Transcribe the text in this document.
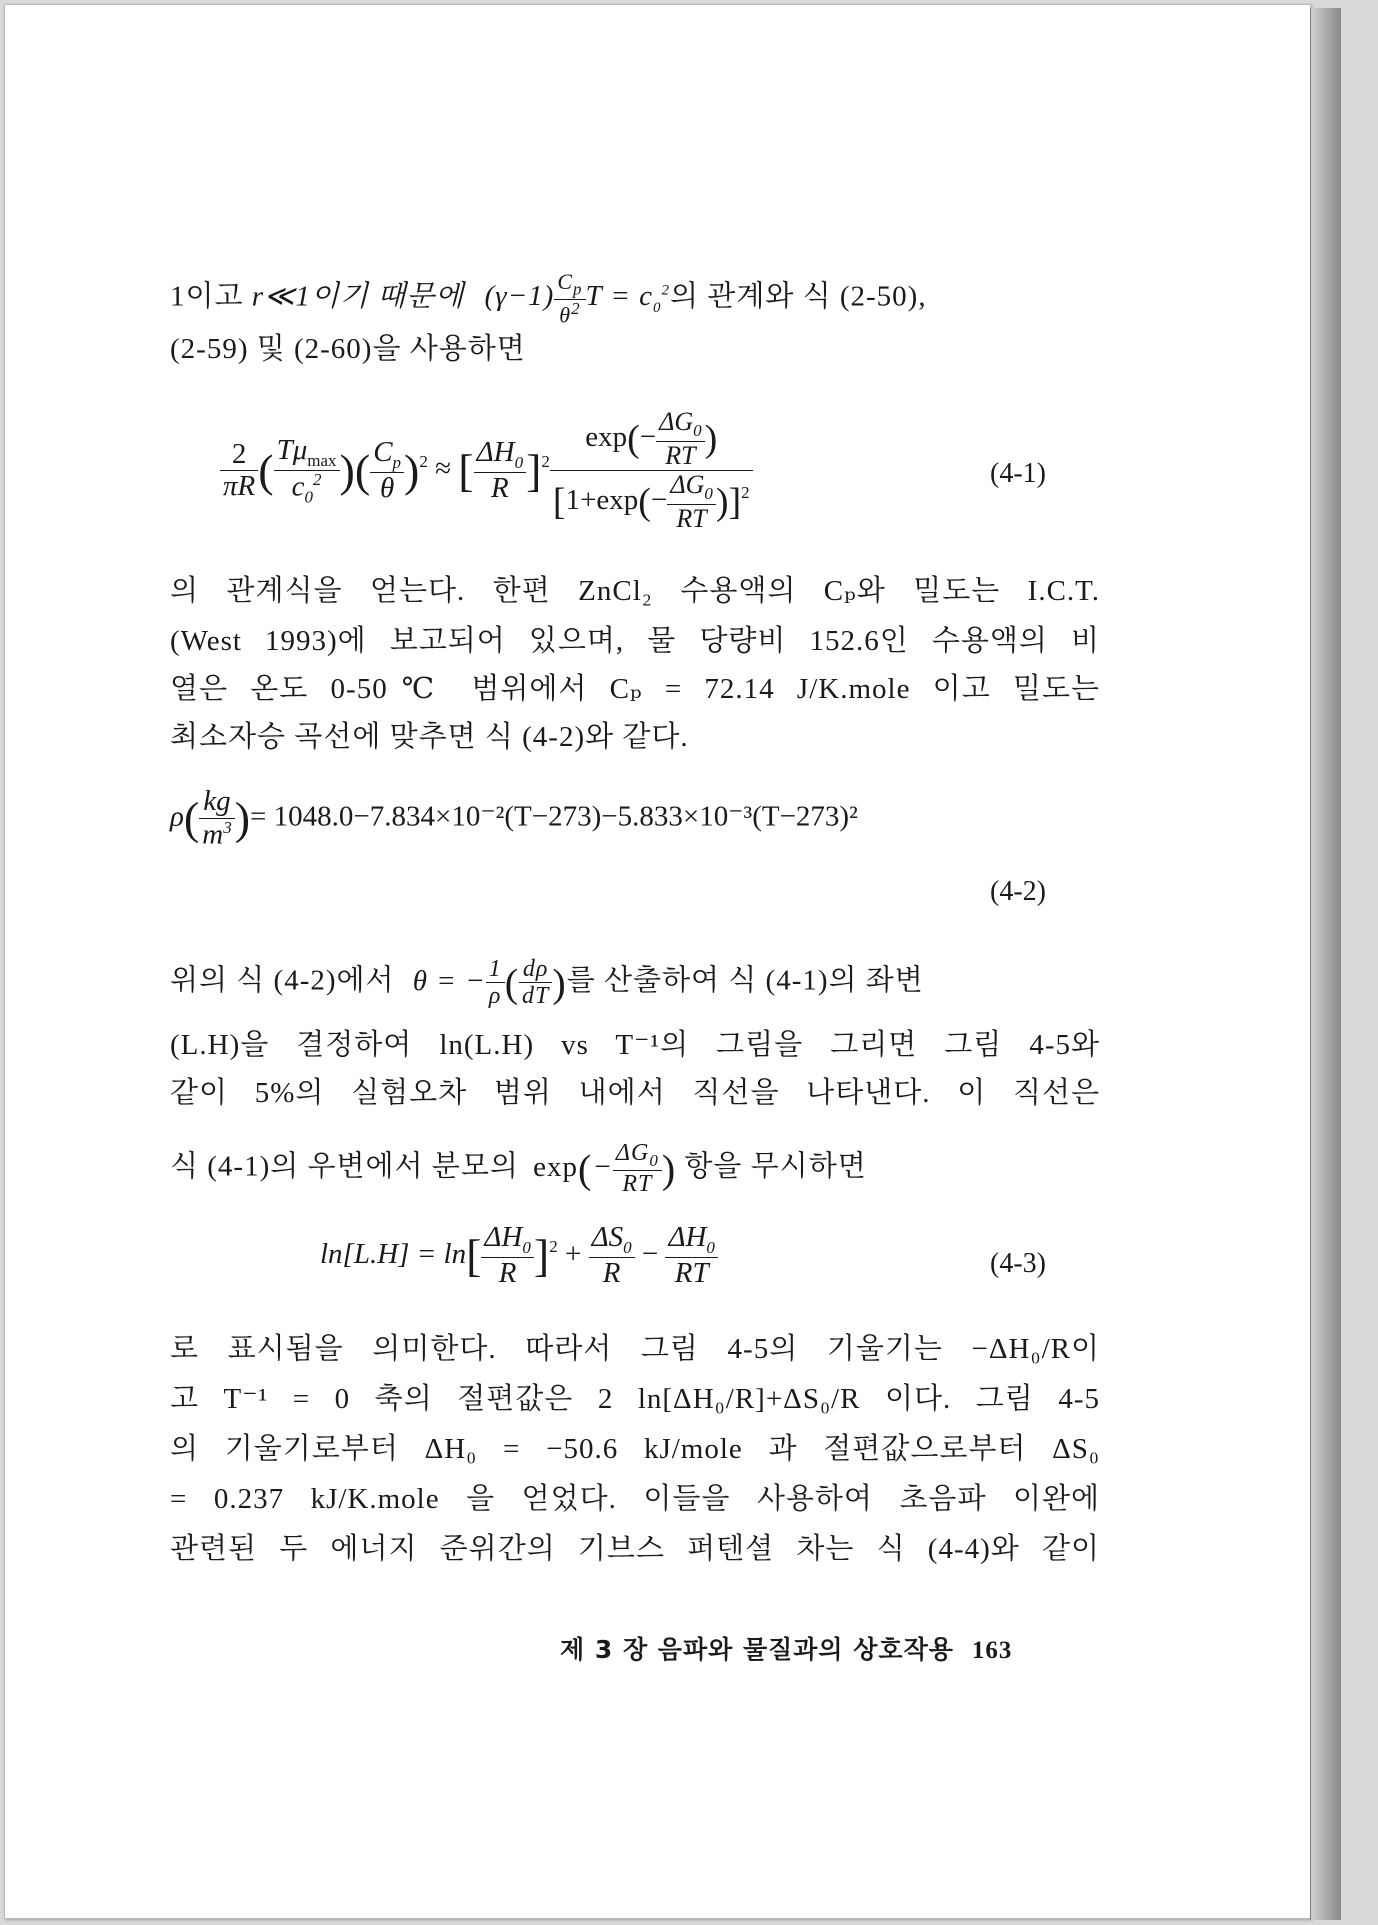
1이고 r≪1이기 때문에 $(\gamma-1) \frac{C_p}{\theta^2}$ $T = c_0^2$의 관계와 식 (2-50),
(2-59) 및 (2-60)을 사용하면
$\frac{2}{\pi R}$ ( $\frac{T\mu_{max}}{c_0^2}$ )( $\frac{C_p}{\theta} )^2$ ≈ [ $\frac{\Delta H_0}{R} ]^2 \frac{\exp(- \frac{\Delta G_0}{RT} )}{[1+\exp(- \frac{\Delta G_0}{RT} )]^2}$	(4-1)
의 관계식을 얻는다. 한편 ZnCl₂ 수용액의 Cₚ와 밀도는 I.C.T.
(West 1993)에 보고되어 있으며, 물 당량비 152.6인 수용액의 비
열은 온도 0-50℃ 범위에서 Cₚ = 72.14 J/K.mole 이고 밀도는
최소자승 곡선에 맞추면 식 (4-2)와 같다.
$\rho( \frac{kg}{m^3}$ )= 1048.0−7.834×10⁻²(T−273)−5.833×10⁻³(T−273)²
(4-2)
위의 식 (4-2)에서 θ = − $\frac{1}{\rho}$ ( $\frac{d\rho}{dT}$ )를 산출하여 식 (4-1)의 좌변
(L.H)을 결정하여 ln(L.H) vs T⁻¹의 그림을 그리면 그림 4-5와
같이 5%의 실험오차 범위 내에서 직선을 나타낸다. 이 직선은
식 (4-1)의 우변에서 분모의 $\exp(- \frac{\Delta G_0}{RT}$ ) 항을 무시하면
$\ln[L.H] = \ln[ \frac{\Delta H_0}{R} ]^2 + \frac{\Delta S_0}{R} - \frac{\Delta H_0}{RT}$	(4-3)
로 표시됨을 의미한다. 따라서 그림 4-5의 기울기는 −ΔH₀/R이
고 T⁻¹ = 0 축의 절편값은 2 ln[ΔH₀/R]+ΔS₀/R 이다. 그림 4-5
의 기울기로부터 ΔH₀ = −50.6 kJ/mole 과 절편값으로부터 ΔS₀
= 0.237 kJ/K.mole 을 얻었다. 이들을 사용하여 초음파 이완에
관련된 두 에너지 준위간의 기브스 퍼텐셜 차는 식 (4-4)와 같이
제 3 장 음파와 물질과의 상호작용 163
